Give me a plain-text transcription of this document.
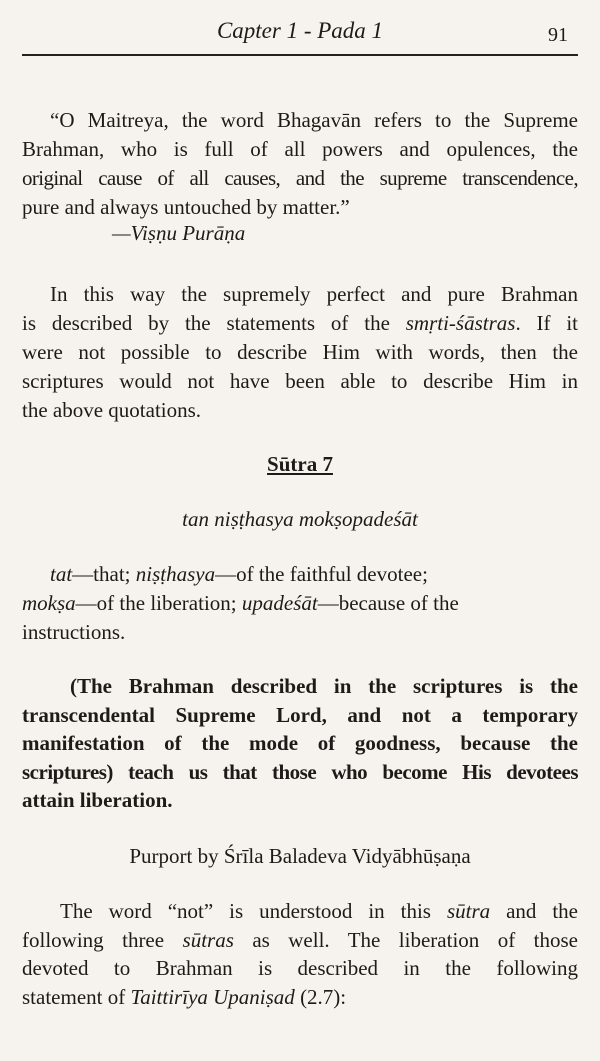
Capter 1 - Pada 1	91
“O Maitreya, the word Bhagavān refers to the Supreme
Brahman, who is full of all powers and opulences, the
original cause of all causes, and the supreme transcendence,
pure and always untouched by matter.”
—Viṣṇu Purāṇa
In this way the supremely perfect and pure Brahman
is described by the statements of the smṛti-śāstras. If it
were not possible to describe Him with words, then the
scriptures would not have been able to describe Him in
the above quotations.
Sūtra 7
tan niṣṭhasya mokṣopadeśāt
tat—that; niṣṭhasya—of the faithful devotee;
mokṣa—of the liberation; upadeśāt—because of the
instructions.
(The Brahman described in the scriptures is the
transcendental Supreme Lord, and not a temporary
manifestation of the mode of goodness, because the
scriptures) teach us that those who become His devotees
attain liberation.
Purport by Śrīla Baladeva Vidyābhūṣaṇa
The word “not” is understood in this sūtra and the
following three sūtras as well. The liberation of those
devoted to Brahman is described in the following
statement of Taittirīya Upaniṣad (2.7):
